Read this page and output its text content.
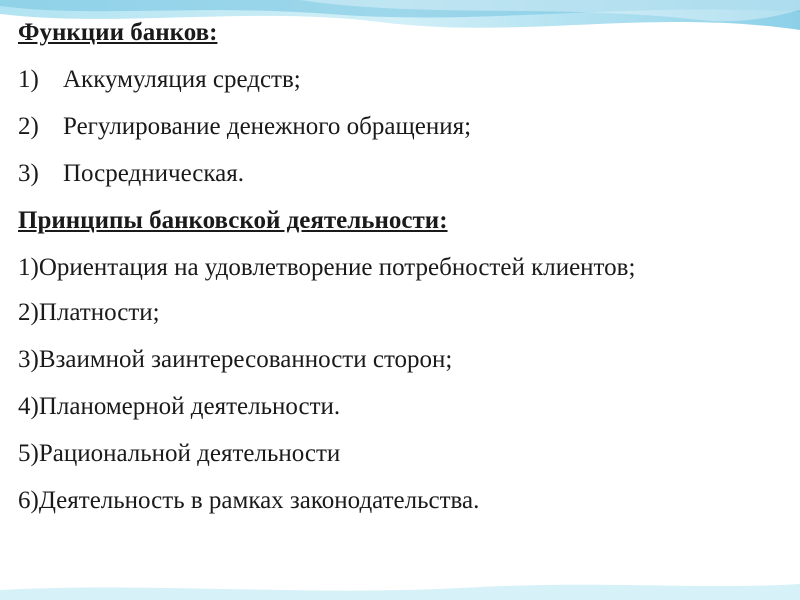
Функции банков:
1) Аккумуляция средств;
2) Регулирование денежного обращения;
3) Посредническая.
Принципы банковской деятельности:
1)Ориентация на удовлетворение потребностей клиентов;
2)Платности;
3)Взаимной заинтересованности сторон;
4)Планомерной деятельности.
5)Рациональной деятельности
6)Деятельность в рамках законодательства.
